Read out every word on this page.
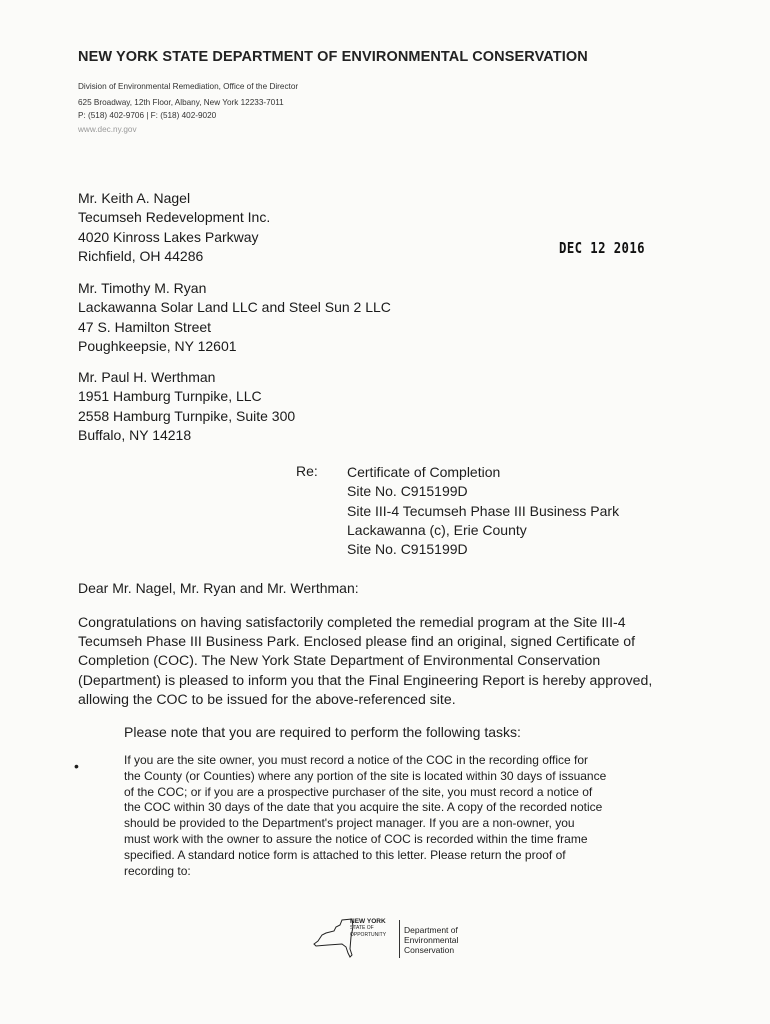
NEW YORK STATE DEPARTMENT OF ENVIRONMENTAL CONSERVATION
Division of Environmental Remediation, Office of the Director
625 Broadway, 12th Floor, Albany, New York 12233-7011
P: (518) 402-9706 | F: (518) 402-9020
www.dec.ny.gov
Mr. Keith A. Nagel
Tecumseh Redevelopment Inc.
4020 Kinross Lakes Parkway
Richfield, OH 44286	DEC 12 2016
Mr. Timothy M. Ryan
Lackawanna Solar Land LLC and Steel Sun 2 LLC
47 S. Hamilton Street
Poughkeepsie, NY 12601
Mr. Paul H. Werthman
1951 Hamburg Turnpike, LLC
2558 Hamburg Turnpike, Suite 300
Buffalo, NY 14218
Re: Certificate of Completion
Site No. C915199D
Site III-4 Tecumseh Phase III Business Park
Lackawanna (c), Erie County
Site No. C915199D
Dear Mr. Nagel, Mr. Ryan and Mr. Werthman:
Congratulations on having satisfactorily completed the remedial program at the Site III-4
Tecumseh Phase III Business Park. Enclosed please find an original, signed Certificate of
Completion (COC). The New York State Department of Environmental Conservation
(Department) is pleased to inform you that the Final Engineering Report is hereby approved,
allowing the COC to be issued for the above-referenced site.
Please note that you are required to perform the following tasks:
•	If you are the site owner, you must record a notice of the COC in the recording office for
the County (or Counties) where any portion of the site is located within 30 days of issuance
of the COC; or if you are a prospective purchaser of the site, you must record a notice of
the COC within 30 days of the date that you acquire the site. A copy of the recorded notice
should be provided to the Department's project manager. If you are a non-owner, you
must work with the owner to assure the notice of COC is recorded within the time frame
specified. A standard notice form is attached to this letter. Please return the proof of
recording to:
NEW YORK
STATE OF
OPPORTUNITY Department of
Environmental
Conservation
